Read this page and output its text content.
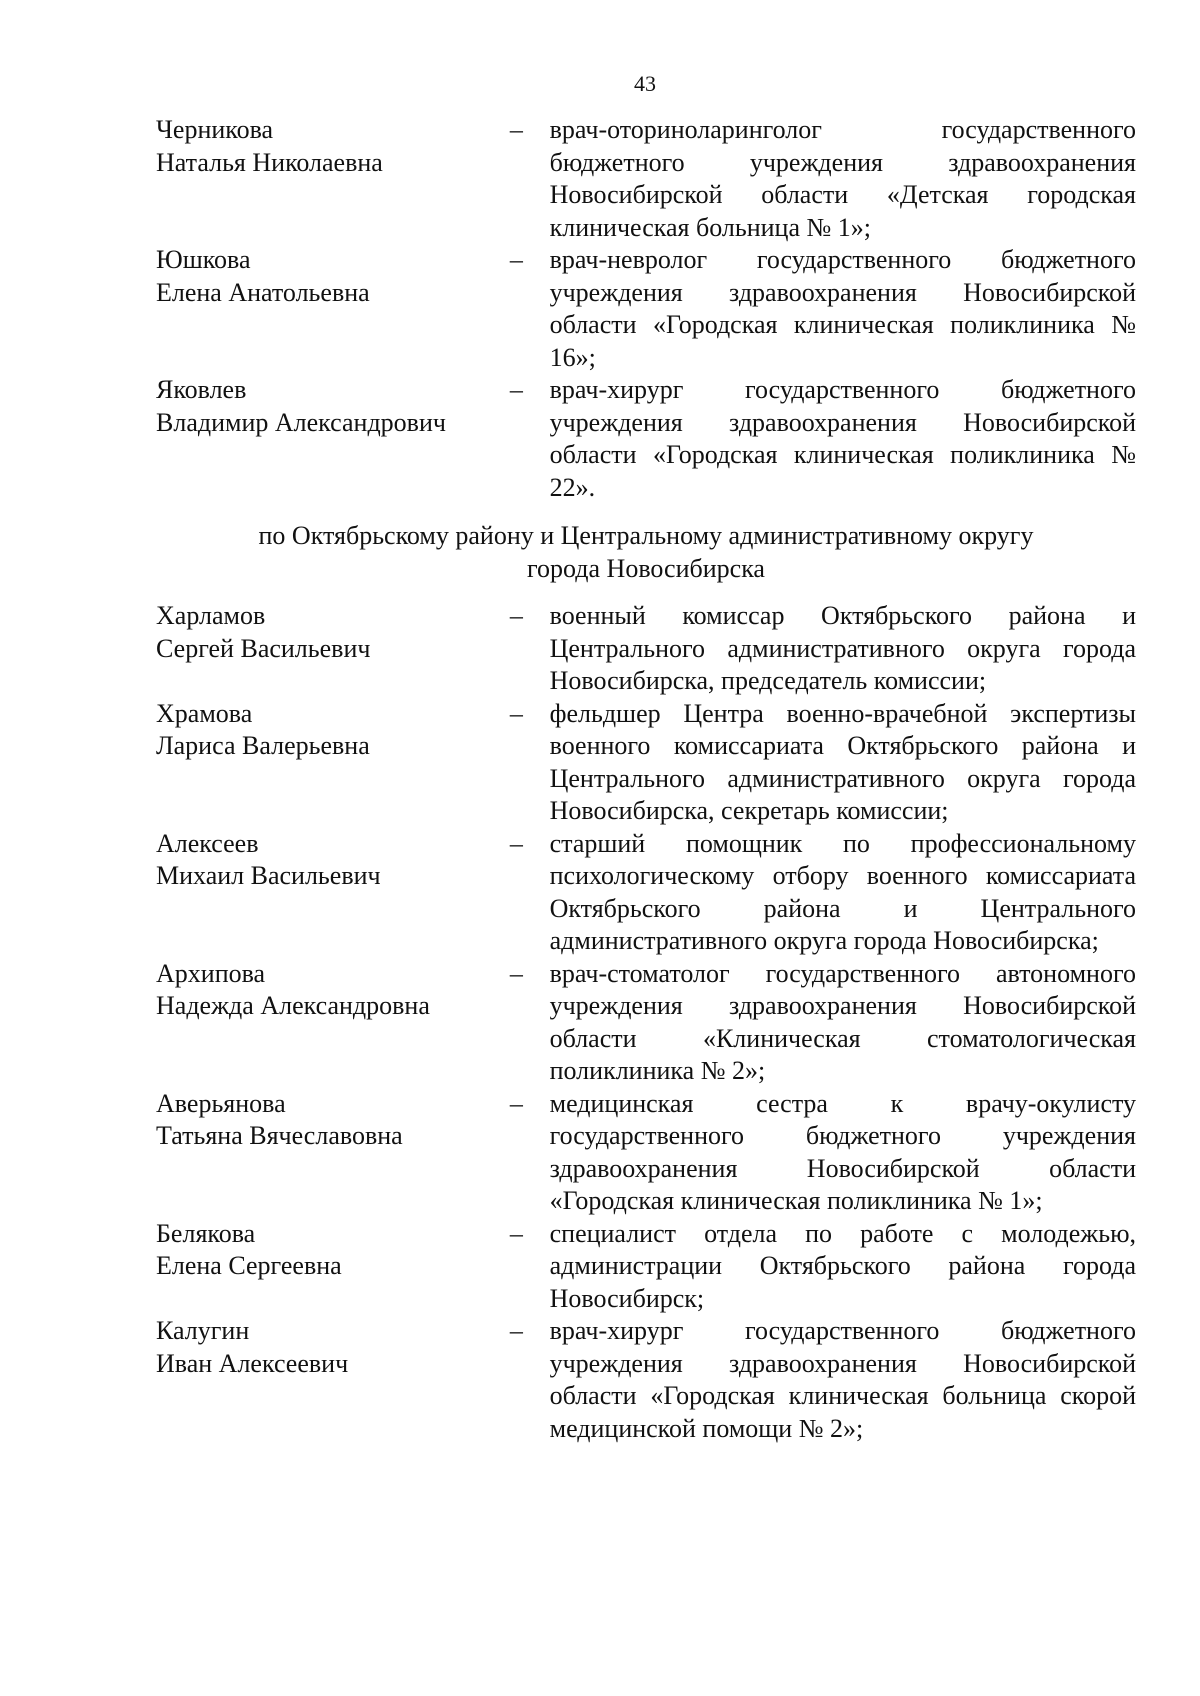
43
Черникова
Наталья Николаевна
–	врач-оториноларинголог государственного бюджетного учреждения здравоохранения Новосибирской области «Детская городская клиническая больница № 1»;
Юшкова
Елена Анатольевна
–	врач-невролог государственного бюджетного учреждения здравоохранения Новосибирской области «Городская клиническая поликлиника № 16»;
Яковлев
Владимир Александрович
–	врач-хирург государственного бюджетного учреждения здравоохранения Новосибирской области «Городская клиническая поликлиника № 22».
по Октябрьскому району и Центральному административному округу
города Новосибирска
Харламов
Сергей Васильевич
–	военный комиссар Октябрьского района и Центрального административного округа города Новосибирска, председатель комиссии;
Храмова
Лариса Валерьевна
–	фельдшер Центра военно-врачебной экспертизы военного комиссариата Октябрьского района и Центрального административного округа города Новосибирска, секретарь комиссии;
Алексеев
Михаил Васильевич
–	старший помощник по профессиональному психологическому отбору военного комиссариата Октябрьского района и Центрального административного округа города Новосибирска;
Архипова
Надежда Александровна
–	врач-стоматолог государственного автономного учреждения здравоохранения Новосибирской области «Клиническая стоматологическая поликлиника № 2»;
Аверьянова
Татьяна Вячеславовна
–	медицинская сестра к врачу-окулисту государственного бюджетного учреждения здравоохранения Новосибирской области «Городская клиническая поликлиника № 1»;
Белякова
Елена Сергеевна
–	специалист отдела по работе с молодежью, администрации Октябрьского района города Новосибирск;
Калугин
Иван Алексеевич
–	врач-хирург государственного бюджетного учреждения здравоохранения Новосибирской области «Городская клиническая больница скорой медицинской помощи № 2»;
